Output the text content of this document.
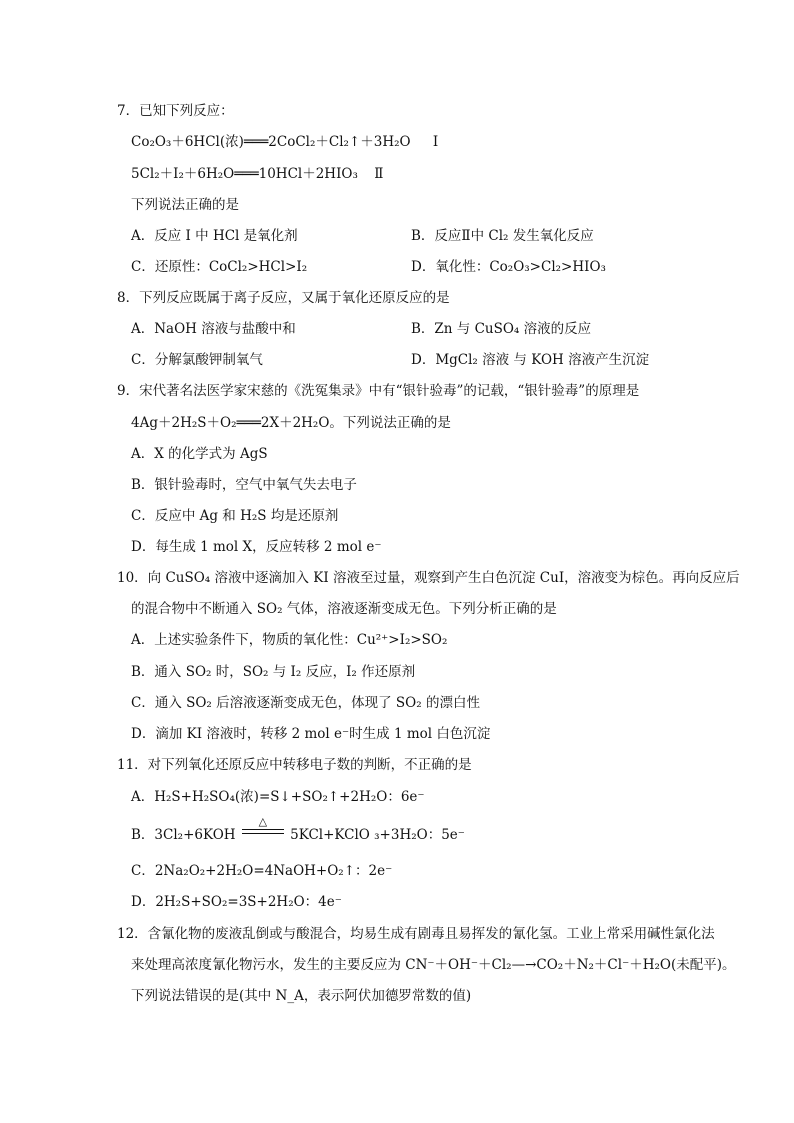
7．已知下列反应：
Co₂O₃＋6HCl(浓)═══2CoCl₂＋Cl₂↑＋3H₂O I
5Cl₂＋I₂＋6H₂O═══10HCl＋2HIO₃ Ⅱ
下列说法正确的是
A．反应 I 中 HCl 是氧化剂	B．反应Ⅱ中 Cl₂ 发生氧化反应
C．还原性：CoCl₂>HCl>I₂	D．氧化性：Co₂O₃>Cl₂>HIO₃
8．下列反应既属于离子反应，又属于氧化还原反应的是
A．NaOH 溶液与盐酸中和	B．Zn 与 CuSO₄ 溶液的反应
C．分解氯酸钾制氧气	D．MgCl₂ 溶液 与 KOH 溶液产生沉淀
9．宋代著名法医学家宋慈的《洗冤集录》中有“银针验毒”的记载，“银针验毒”的原理是
4Ag＋2H₂S＋O₂═══2X＋2H₂O。下列说法正确的是
A．X 的化学式为 AgS
B．银针验毒时，空气中氧气失去电子
C．反应中 Ag 和 H₂S 均是还原剂
D．每生成 1 mol X，反应转移 2 mol e⁻
10．向 CuSO₄ 溶液中逐滴加入 KI 溶液至过量，观察到产生白色沉淀 CuI，溶液变为棕色。再向反应后
的混合物中不断通入 SO₂ 气体，溶液逐渐变成无色。下列分析正确的是
A．上述实验条件下，物质的氧化性：Cu²⁺>I₂>SO₂
B．通入 SO₂ 时，SO₂ 与 I₂ 反应，I₂ 作还原剂
C．通入 SO₂ 后溶液逐渐变成无色，体现了 SO₂ 的漂白性
D．滴加 KI 溶液时，转移 2 mol e⁻时生成 1 mol 白色沉淀
11．对下列氧化还原反应中转移电子数的判断，不正确的是
A．H₂S+H₂SO₄(浓)=S↓+SO₂↑+2H₂O：6e⁻
B．3Cl₂+6KOH
△
5KCl+KClO ₃+3H₂O：5e⁻
C．2Na₂O₂+2H₂O=4NaOH+O₂↑：2e⁻
D．2H₂S+SO₂=3S+2H₂O：4e⁻
12．含氰化物的废液乱倒或与酸混合，均易生成有剧毒且易挥发的氰化氢。工业上常采用碱性氯化法
来处理高浓度氰化物污水，发生的主要反应为 CN⁻＋OH⁻＋Cl₂—→CO₂＋N₂＋Cl⁻＋H₂O(未配平)。
下列说法错误的是(其中 N_A，表示阿伏加德罗常数的值)
